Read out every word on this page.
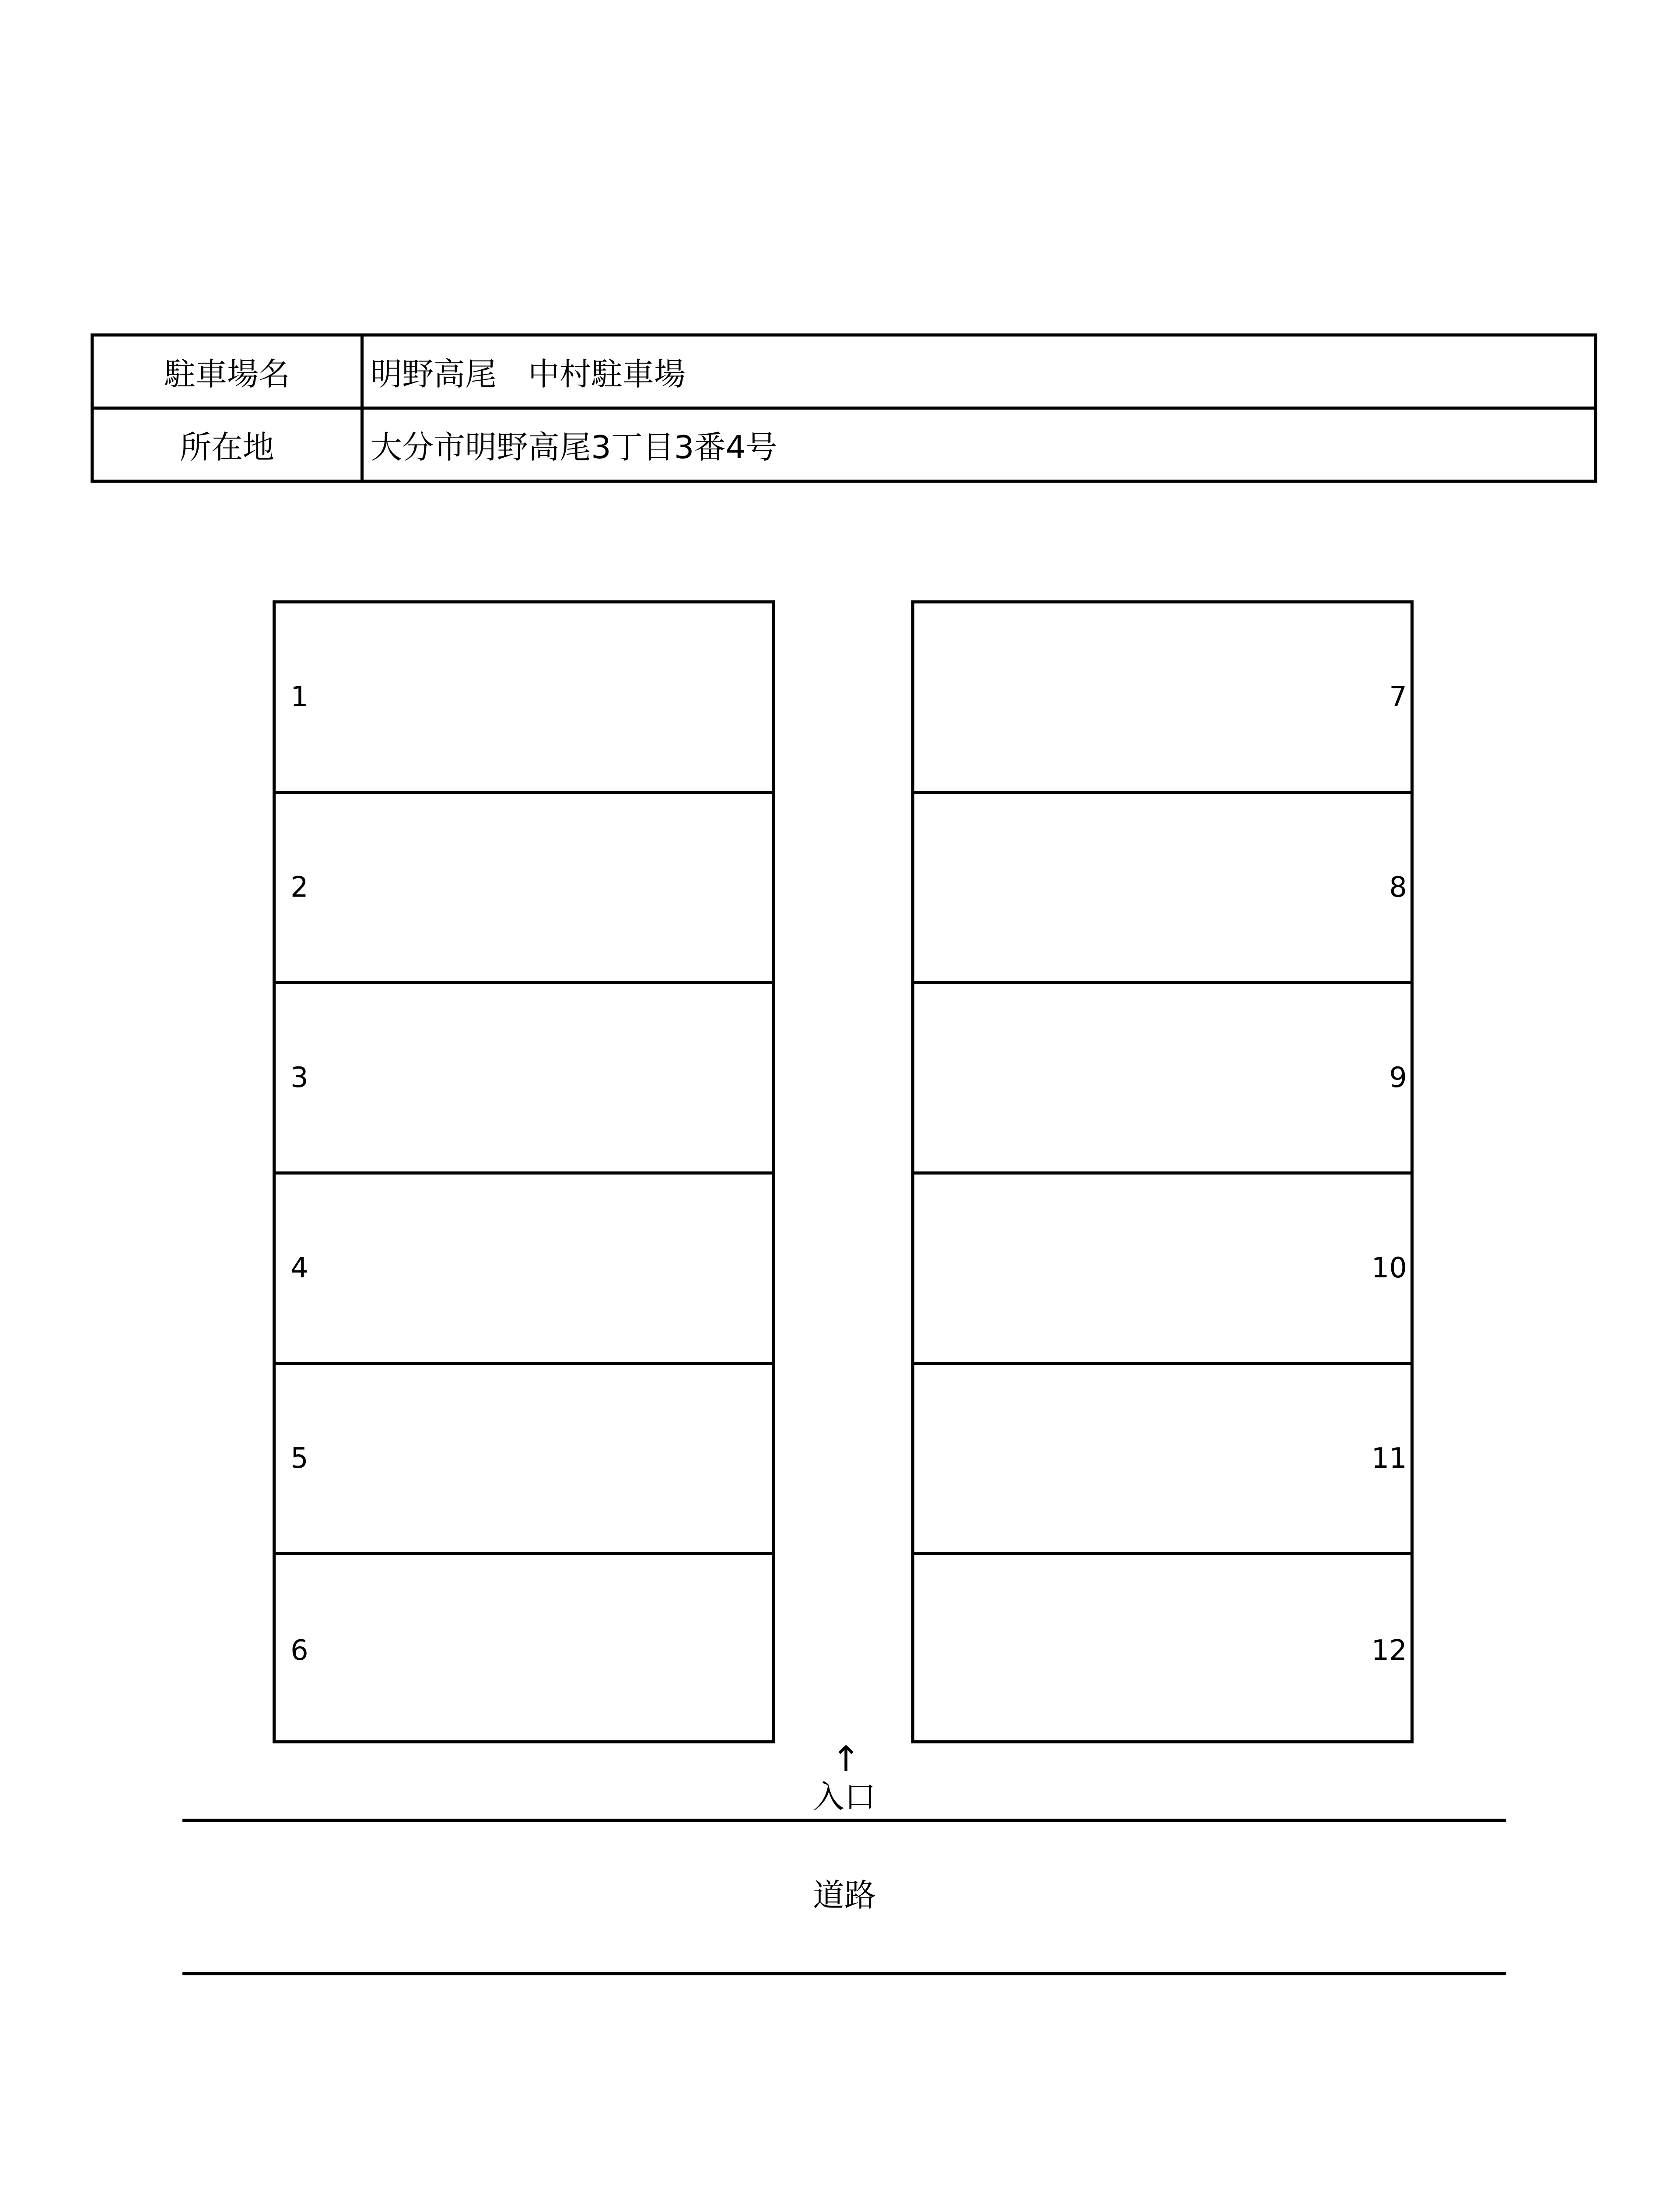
駐車場名	明野高尾　中村駐車場
所在地	大分市明野高尾3丁目3番4号
1
2
3
4
5
6
7
8
9
10
11
12
↑
入口
道路
